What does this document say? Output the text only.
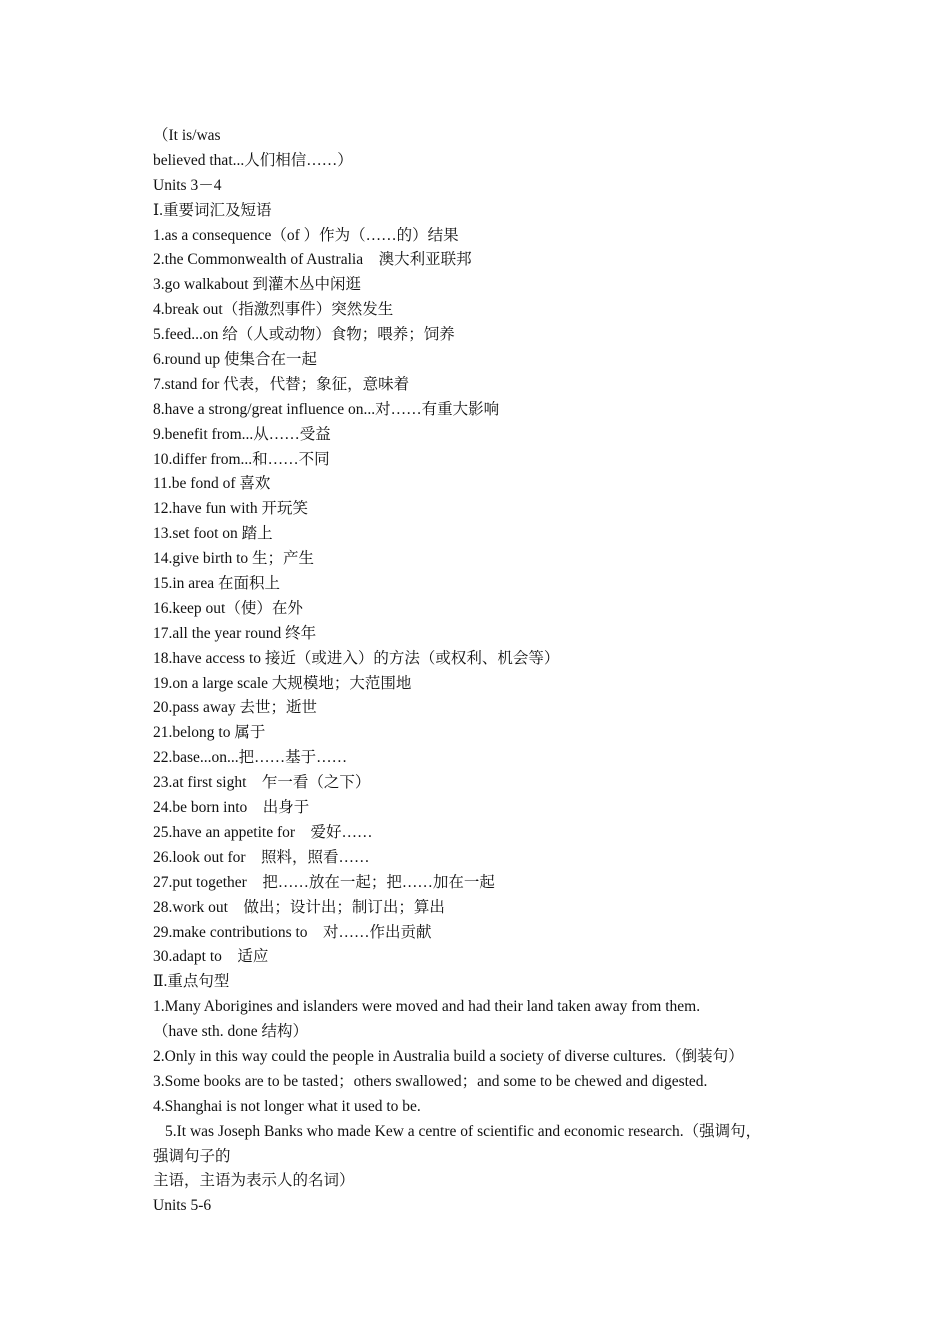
（It is/was
believed that...人们相信……）
Units 3－4
Ⅰ.重要词汇及短语
1.as a consequence（of ）作为（……的）结果
2.the Commonwealth of Australia　澳大利亚联邦
3.go walkabout 到灌木丛中闲逛
4.break out（指激烈事件）突然发生
5.feed...on 给（人或动物）食物；喂养；饲养
6.round up 使集合在一起
7.stand for 代表，代替；象征，意味着
8.have a strong/great influence on...对……有重大影响
9.benefit from...从……受益
10.differ from...和……不同
11.be fond of 喜欢
12.have fun with 开玩笑
13.set foot on 踏上
14.give birth to 生；产生
15.in area 在面积上
16.keep out（使）在外
17.all the year round 终年
18.have access to 接近（或进入）的方法（或权利、机会等）
19.on a large scale 大规模地；大范围地
20.pass away 去世；逝世
21.belong to 属于
22.base...on...把……基于……
23.at first sight　乍一看（之下）
24.be born into　出身于
25.have an appetite for　爱好……
26.look out for　照料，照看……
27.put together　把……放在一起；把……加在一起
28.work out　做出；设计出；制订出；算出
29.make contributions to　对……作出贡献
30.adapt to　适应
Ⅱ.重点句型
1.Many Aborigines and islanders were moved and had their land taken away from them.
（have sth. done 结构）
2.Only in this way could the people in Australia build a society of diverse cultures.（倒装句）
3.Some books are to be tasted；others swallowed；and some to be chewed and digested.
4.Shanghai is not longer what it used to be.
5.It was Joseph Banks who made Kew a centre of scientific and economic research.（强调句，
强调句子的
主语，主语为表示人的名词）
Units 5-6
